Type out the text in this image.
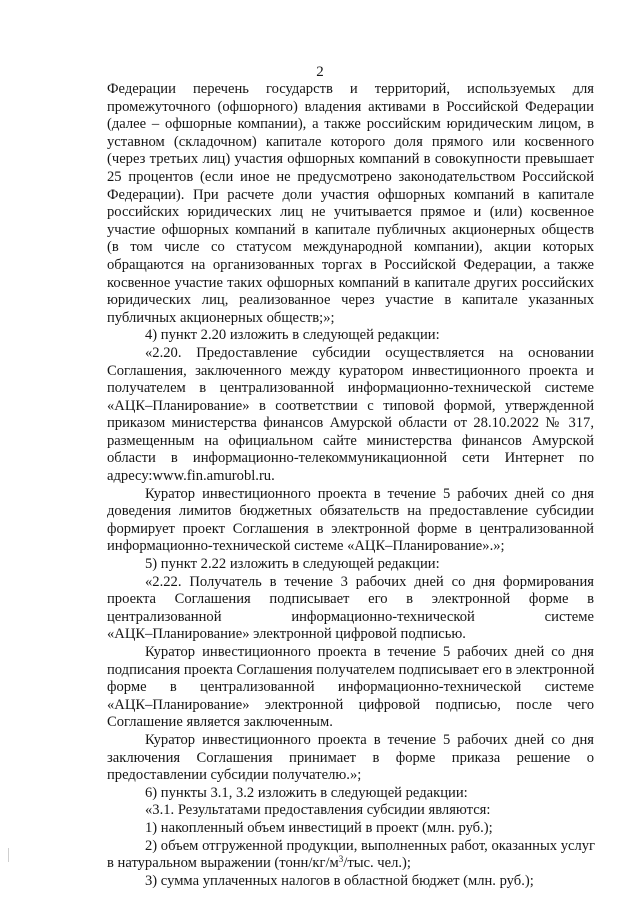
2
Федерации перечень государств и территорий, используемых для
промежуточного (офшорного) владения активами в Российской Федерации
(далее – офшорные компании), а также российским юридическим лицом, в
уставном (складочном) капитале которого доля прямого или косвенного
(через третьих лиц) участия офшорных компаний в совокупности превышает
25 процентов (если иное не предусмотрено законодательством Российской
Федерации). При расчете доли участия офшорных компаний в капитале
российских юридических лиц не учитывается прямое и (или) косвенное
участие офшорных компаний в капитале публичных акционерных обществ
(в том числе со статусом международной компании), акции которых
обращаются на организованных торгах в Российской Федерации, а также
косвенное участие таких офшорных компаний в капитале других российских
юридических лиц, реализованное через участие в капитале указанных
публичных акционерных обществ;»;
4) пункт 2.20 изложить в следующей редакции:
«2.20. Предоставление субсидии осуществляется на основании
Соглашения, заключенного между куратором инвестиционного проекта и
получателем в централизованной информационно-технической системе
«АЦК–Планирование» в соответствии с типовой формой, утвержденной
приказом министерства финансов Амурской области от 28.10.2022 № 317,
размещенным на официальном сайте министерства финансов Амурской
области в информационно-телекоммуникационной сети Интернет по
адресу:www.fin.amurobl.ru.
Куратор инвестиционного проекта в течение 5 рабочих дней со дня
доведения лимитов бюджетных обязательств на предоставление субсидии
формирует проект Соглашения в электронной форме в централизованной
информационно-технической системе «АЦК–Планирование».»;
5) пункт 2.22 изложить в следующей редакции:
«2.22. Получатель в течение 3 рабочих дней со дня формирования
проекта Соглашения подписывает его в электронной форме в
централизованной информационно-технической системе
«АЦК–Планирование» электронной цифровой подписью.
Куратор инвестиционного проекта в течение 5 рабочих дней со дня
подписания проекта Соглашения получателем подписывает его в электронной
форме в централизованной информационно-технической системе
«АЦК–Планирование» электронной цифровой подписью, после чего
Соглашение является заключенным.
Куратор инвестиционного проекта в течение 5 рабочих дней со дня
заключения Соглашения принимает в форме приказа решение о
предоставлении субсидии получателю.»;
6) пункты 3.1, 3.2 изложить в следующей редакции:
«3.1. Результатами предоставления субсидии являются:
1) накопленный объем инвестиций в проект (млн. руб.);
2) объем отгруженной продукции, выполненных работ, оказанных услуг
в натуральном выражении ($тонн/кг/м^3$/тыс. чел.);
3) сумма уплаченных налогов в областной бюджет (млн. руб.);
